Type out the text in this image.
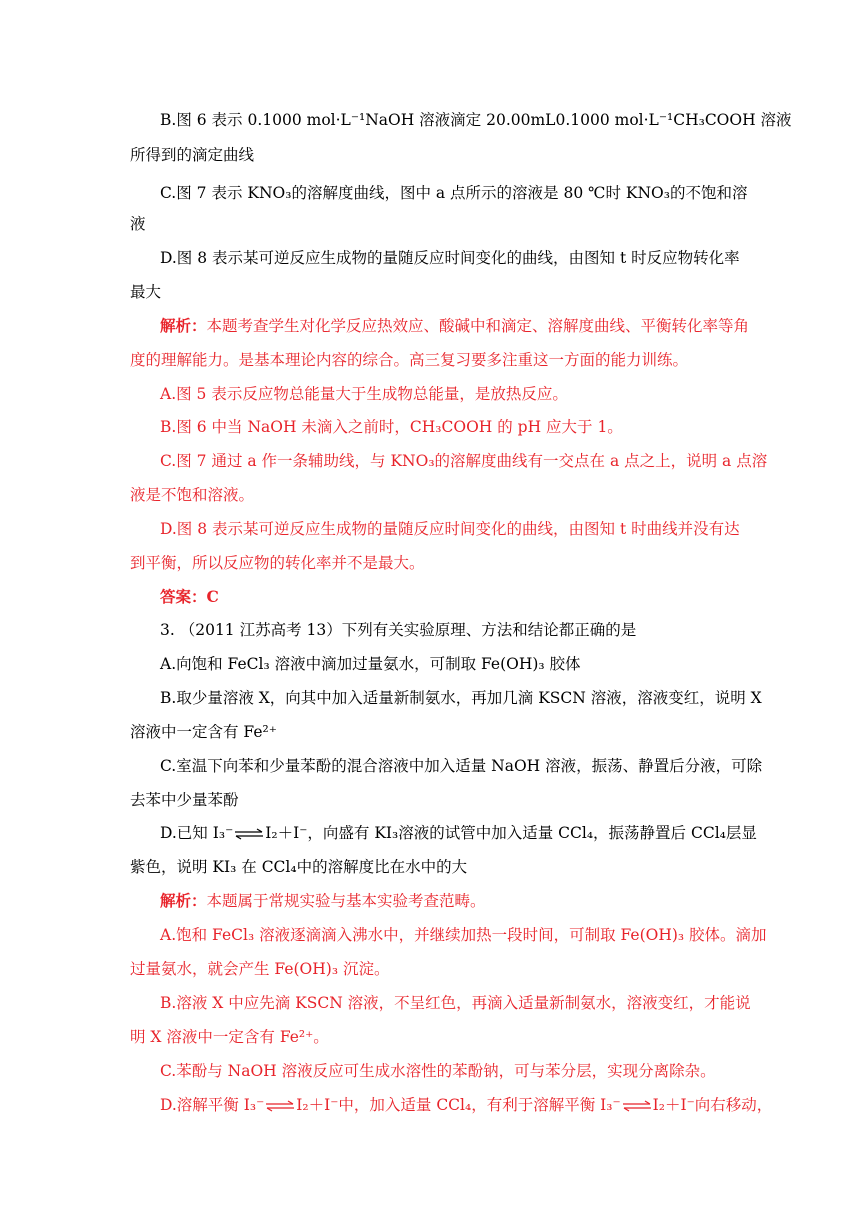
B.图 6 表示 0.1000 mol·L⁻¹NaOH 溶液滴定 20.00mL0.1000 mol·L⁻¹CH₃COOH 溶液
所得到的滴定曲线
C.图 7 表示 KNO₃的溶解度曲线，图中 a 点所示的溶液是 80 ℃时 KNO₃的不饱和溶
液
D.图 8 表示某可逆反应生成物的量随反应时间变化的曲线，由图知 t 时反应物转化率
最大
解析：本题考查学生对化学反应热效应、酸碱中和滴定、溶解度曲线、平衡转化率等角
度的理解能力。是基本理论内容的综合。高三复习要多注重这一方面的能力训练。
A.图 5 表示反应物总能量大于生成物总能量，是放热反应。
B.图 6 中当 NaOH 未滴入之前时，CH₃COOH 的 pH 应大于 1。
C.图 7 通过 a 作一条辅助线，与 KNO₃的溶解度曲线有一交点在 a 点之上，说明 a 点溶
液是不饱和溶液。
D.图 8 表示某可逆反应生成物的量随反应时间变化的曲线，由图知 t 时曲线并没有达
到平衡，所以反应物的转化率并不是最大。
答案：C
3. （2011 江苏高考 13）下列有关实验原理、方法和结论都正确的是
A.向饱和 FeCl₃ 溶液中滴加过量氨水，可制取 Fe(OH)₃ 胶体
B.取少量溶液 X，向其中加入适量新制氨水，再加几滴 KSCN 溶液，溶液变红，说明 X
溶液中一定含有 Fe²⁺
C.室温下向苯和少量苯酚的混合溶液中加入适量 NaOH 溶液，振荡、静置后分液，可除
去苯中少量苯酚
D.已知 I₃⁻⇌I₂＋I⁻，向盛有 KI₃溶液的试管中加入适量 CCl₄，振荡静置后 CCl₄层显
紫色，说明 KI₃ 在 CCl₄中的溶解度比在水中的大
解析：本题属于常规实验与基本实验考查范畴。
A.饱和 FeCl₃ 溶液逐滴滴入沸水中，并继续加热一段时间，可制取 Fe(OH)₃ 胶体。滴加
过量氨水，就会产生 Fe(OH)₃ 沉淀。
B.溶液 X 中应先滴 KSCN 溶液，不呈红色，再滴入适量新制氨水，溶液变红，才能说
明 X 溶液中一定含有 Fe²⁺。
C.苯酚与 NaOH 溶液反应可生成水溶性的苯酚钠，可与苯分层，实现分离除杂。
D.溶解平衡 I₃⁻⇌I₂＋I⁻中，加入适量 CCl₄，有利于溶解平衡 I₃⁻⇌I₂＋I⁻向右移动，
